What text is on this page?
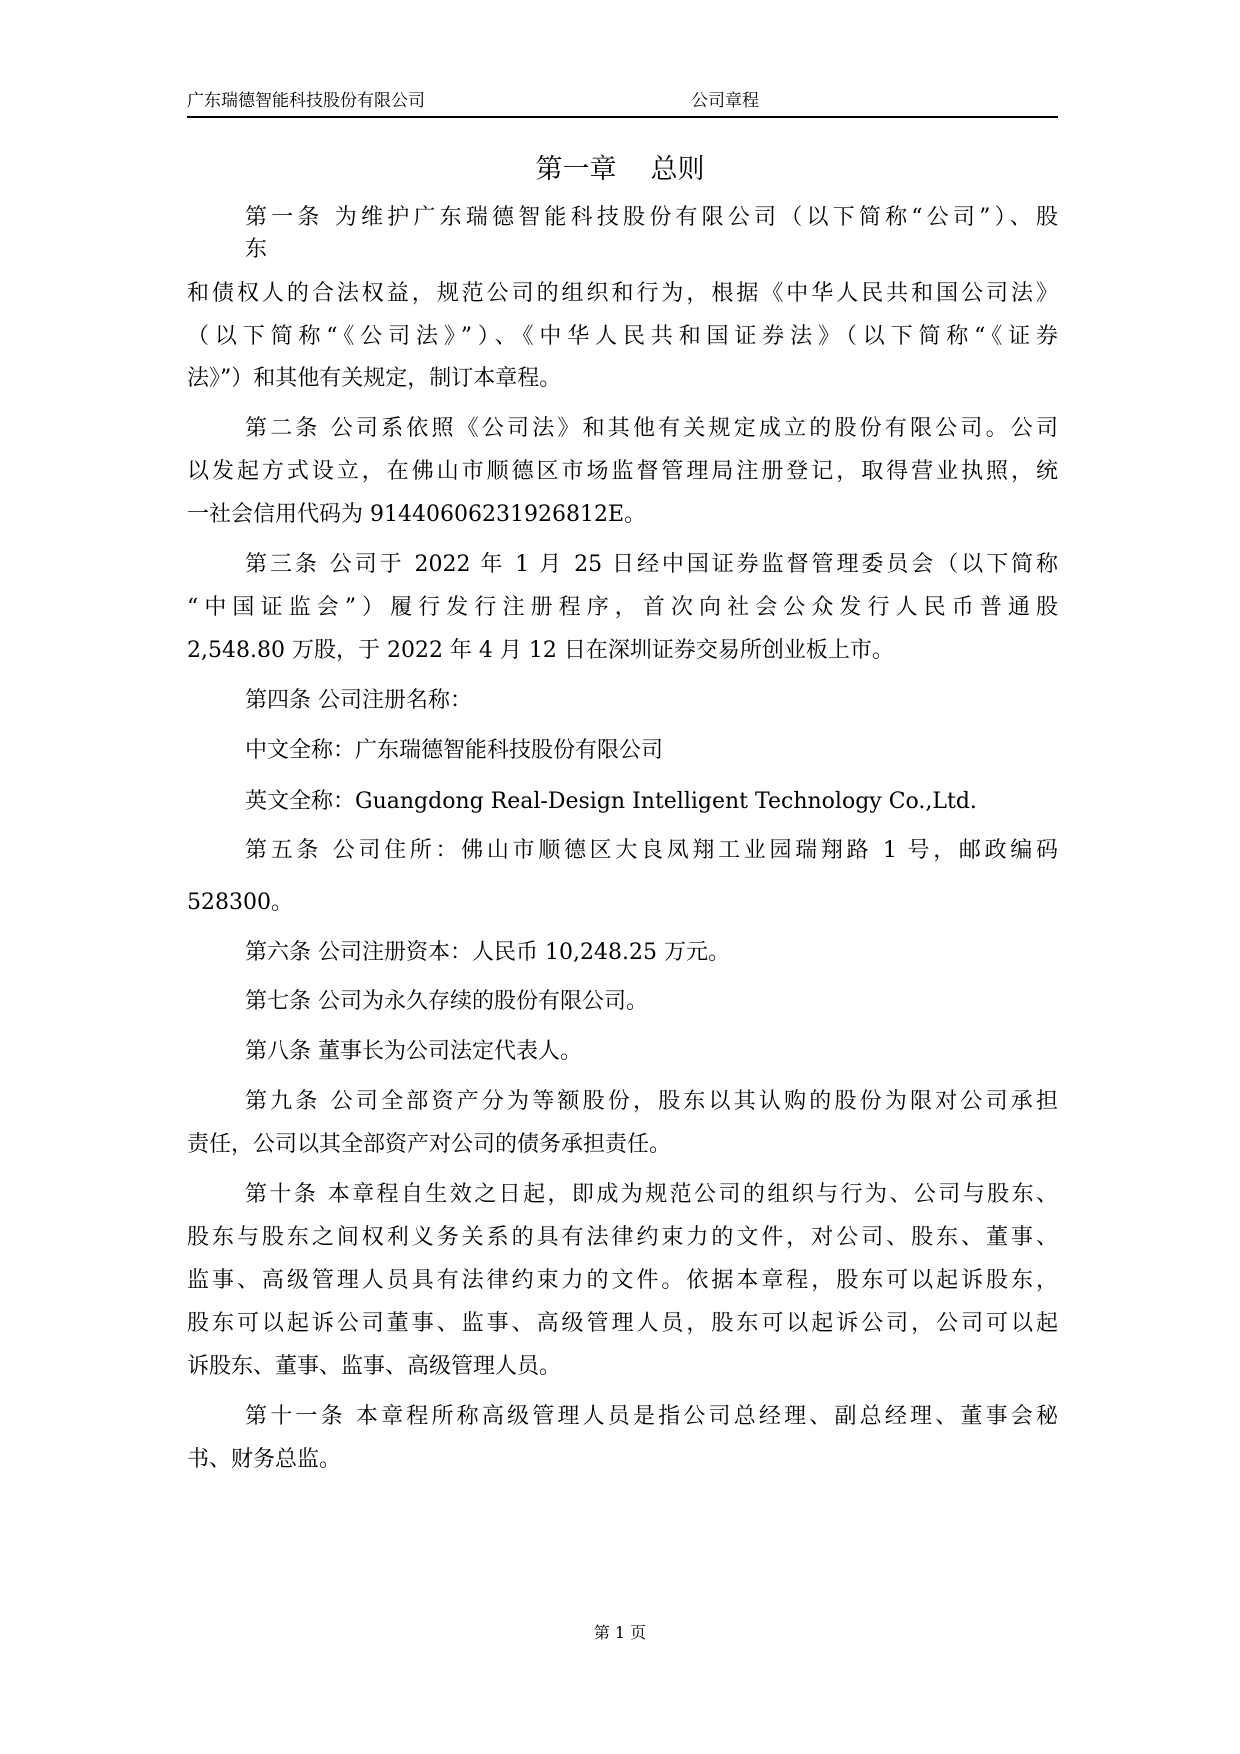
广东瑞德智能科技股份有限公司	公司章程
第一章 总则
第一条 为维护广东瑞德智能科技股份有限公司（以下简称“公司”）、股
东
和债权人的合法权益，规范公司的组织和行为，根据《中华人民共和国公司法》
（以下简称“《公司法》”）、《中华人民共和国证券法》（以下简称“《证券
法》”）和其他有关规定，制订本章程。
第二条 公司系依照《公司法》和其他有关规定成立的股份有限公司。公司
以发起方式设立，在佛山市顺德区市场监督管理局注册登记，取得营业执照，统
一社会信用代码为 91440606231926812E。
第三条 公司于 2022 年 1 月 25 日经中国证券监督管理委员会（以下简称
“中国证监会”）履行发行注册程序，首次向社会公众发行人民币普通股
2,548.80 万股，于 2022 年 4 月 12 日在深圳证券交易所创业板上市。
第四条 公司注册名称：
中文全称：广东瑞德智能科技股份有限公司
英文全称：Guangdong Real-Design Intelligent Technology Co.,Ltd.
第五条 公司住所：佛山市顺德区大良凤翔工业园瑞翔路 1 号，邮政编码
528300。
第六条 公司注册资本：人民币 10,248.25 万元。
第七条 公司为永久存续的股份有限公司。
第八条 董事长为公司法定代表人。
第九条 公司全部资产分为等额股份，股东以其认购的股份为限对公司承担
责任，公司以其全部资产对公司的债务承担责任。
第十条 本章程自生效之日起，即成为规范公司的组织与行为、公司与股东、
股东与股东之间权利义务关系的具有法律约束力的文件，对公司、股东、董事、
监事、高级管理人员具有法律约束力的文件。依据本章程，股东可以起诉股东，
股东可以起诉公司董事、监事、高级管理人员，股东可以起诉公司，公司可以起
诉股东、董事、监事、高级管理人员。
第十一条 本章程所称高级管理人员是指公司总经理、副总经理、董事会秘
书、财务总监。
第 1 页
